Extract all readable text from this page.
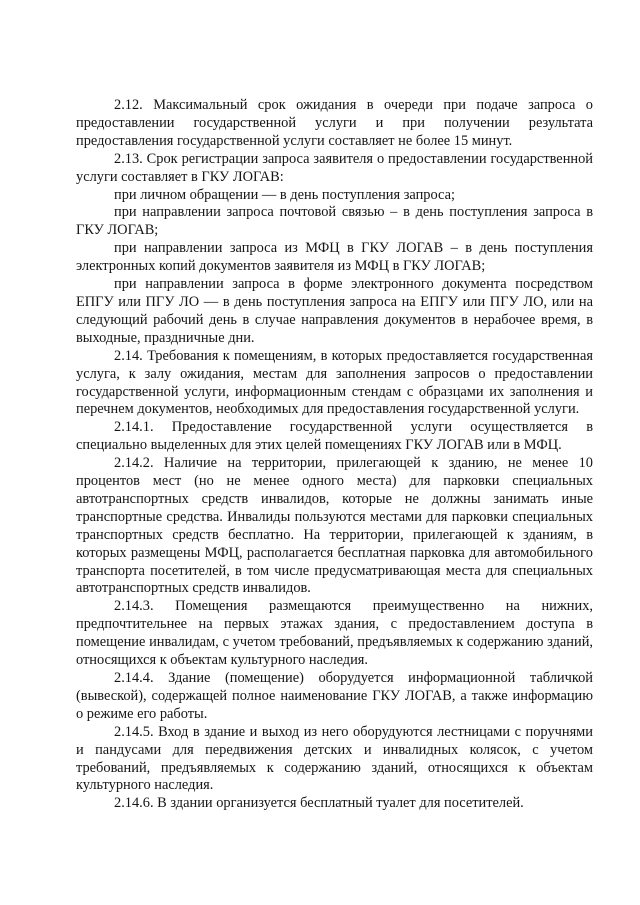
2.12. Максимальный срок ожидания в очереди при подаче запроса о предоставлении государственной услуги и при получении результата предоставления государственной услуги составляет не более 15 минут.

2.13. Срок регистрации запроса заявителя о предоставлении государственной услуги составляет в ГКУ ЛОГАВ:

при личном обращении — в день поступления запроса;

при направлении запроса почтовой связью – в день поступления запроса в ГКУ ЛОГАВ;

при направлении запроса из МФЦ в ГКУ ЛОГАВ – в день поступления электронных копий документов заявителя из МФЦ в ГКУ ЛОГАВ;

при направлении запроса в форме электронного документа посредством ЕПГУ или ПГУ ЛО — в день поступления запроса на ЕПГУ или ПГУ ЛО, или на следующий рабочий день в случае направления документов в нерабочее время, в выходные, праздничные дни.

2.14. Требования к помещениям, в которых предоставляется государственная услуга, к залу ожидания, местам для заполнения запросов о предоставлении государственной услуги, информационным стендам с образцами их заполнения и перечнем документов, необходимых для предоставления государственной услуги.

2.14.1. Предоставление государственной услуги осуществляется в специально выделенных для этих целей помещениях ГКУ ЛОГАВ или в МФЦ.

2.14.2. Наличие на территории, прилегающей к зданию, не менее 10 процентов мест (но не менее одного места) для парковки специальных автотранспортных средств инвалидов, которые не должны занимать иные транспортные средства. Инвалиды пользуются местами для парковки специальных транспортных средств бесплатно. На территории, прилегающей к зданиям, в которых размещены МФЦ, располагается бесплатная парковка для автомобильного транспорта посетителей, в том числе предусматривающая места для специальных автотранспортных средств инвалидов.

2.14.3. Помещения размещаются преимущественно на нижних, предпочтительнее на первых этажах здания, с предоставлением доступа в помещение инвалидам, с учетом требований, предъявляемых к содержанию зданий, относящихся к объектам культурного наследия.

2.14.4. Здание (помещение) оборудуется информационной табличкой (вывеской), содержащей полное наименование ГКУ ЛОГАВ, а также информацию о режиме его работы.

2.14.5. Вход в здание и выход из него оборудуются лестницами с поручнями и пандусами для передвижения детских и инвалидных колясок, с учетом требований, предъявляемых к содержанию зданий, относящихся к объектам культурного наследия.

2.14.6. В здании организуется бесплатный туалет для посетителей.
